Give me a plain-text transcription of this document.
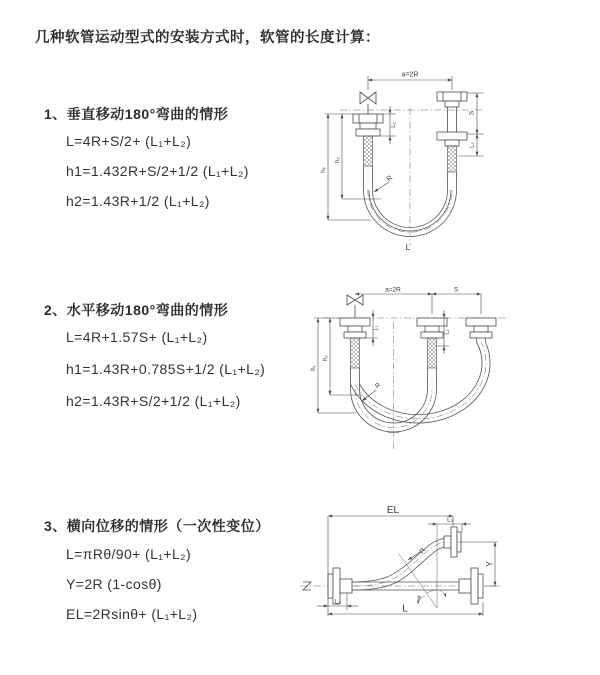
几种软管运动型式的安装方式时，软管的长度计算：
1、垂直移动180°弯曲的情形
L=4R+S/2+ (L₁+L₂)
h1=1.432R+S/2+1/2 (L₁+L₂)
h2=1.43R+1/2 (L₁+L₂)
2、水平移动180°弯曲的情形
L=4R+1.57S+ (L₁+L₂)
h1=1.43R+0.785S+1/2 (L₁+L₂)
h2=1.43R+S/2+1/2 (L₁+L₂)
3、横向位移的情形（一次性变位）
L=πRθ/90+ (L₁+L₂)
Y=2R (1-cosθ)
EL=2Rsinθ+ (L₁+L₂)
a=2R
S
L₂
L₁
h₂
h₁
R
L
a=2R	S
h₁
h₂
L₁
L₂
R
θ
R
EL
L₂
Y
L
L₁
